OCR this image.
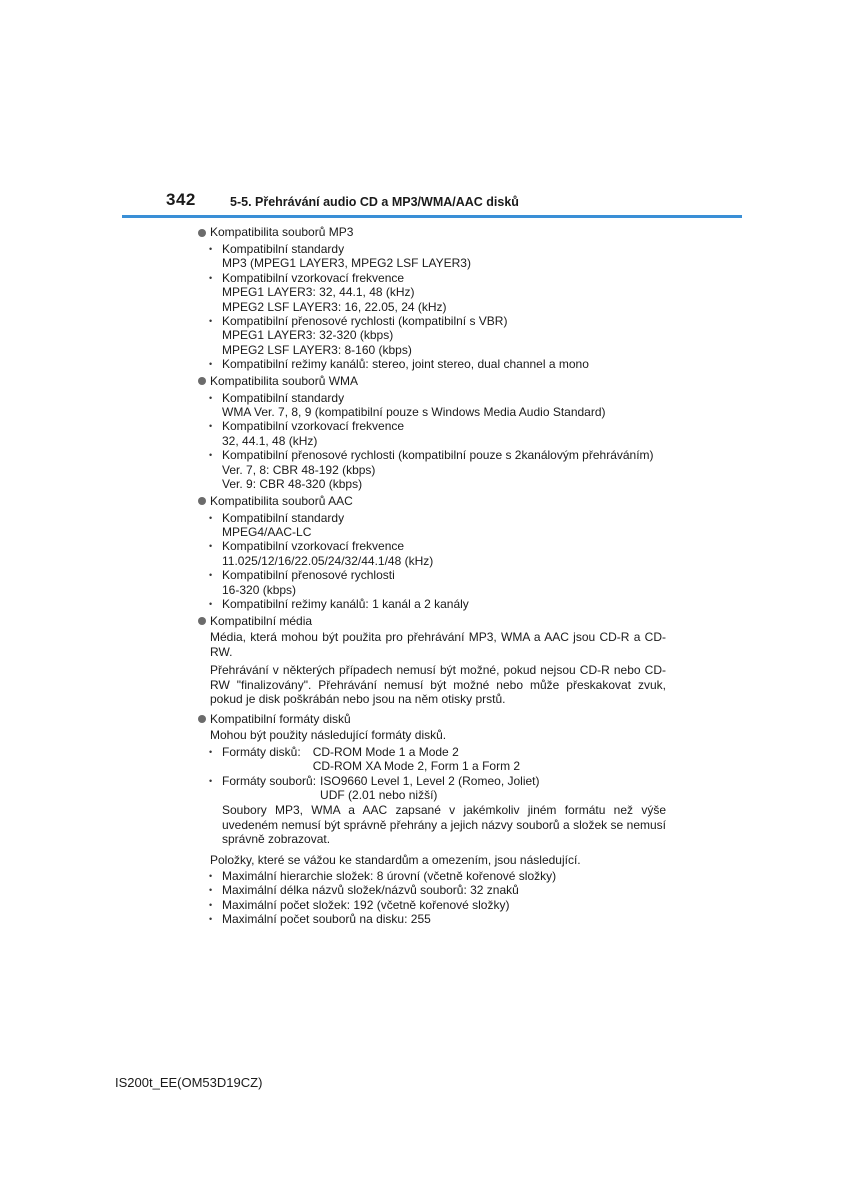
342	5-5. Přehrávání audio CD a MP3/WMA/AAC disků
Kompatibilita souborů MP3
• Kompatibilní standardy
MP3 (MPEG1 LAYER3, MPEG2 LSF LAYER3)
• Kompatibilní vzorkovací frekvence
MPEG1 LAYER3: 32, 44.1, 48 (kHz)
MPEG2 LSF LAYER3: 16, 22.05, 24 (kHz)
• Kompatibilní přenosové rychlosti (kompatibilní s VBR)
MPEG1 LAYER3: 32-320 (kbps)
MPEG2 LSF LAYER3: 8-160 (kbps)
• Kompatibilní režimy kanálů: stereo, joint stereo, dual channel a mono
Kompatibilita souborů WMA
• Kompatibilní standardy
WMA Ver. 7, 8, 9 (kompatibilní pouze s Windows Media Audio Standard)
• Kompatibilní vzorkovací frekvence
32, 44.1, 48 (kHz)
• Kompatibilní přenosové rychlosti (kompatibilní pouze s 2kanálovým přehráváním)
Ver. 7, 8: CBR 48-192 (kbps)
Ver. 9: CBR 48-320 (kbps)
Kompatibilita souborů AAC
• Kompatibilní standardy
MPEG4/AAC-LC
• Kompatibilní vzorkovací frekvence
11.025/12/16/22.05/24/32/44.1/48 (kHz)
• Kompatibilní přenosové rychlosti
16-320 (kbps)
• Kompatibilní režimy kanálů: 1 kanál a 2 kanály
Kompatibilní média

Média, která mohou být použita pro přehrávání MP3, WMA a AAC jsou CD-R a CD-RW.

Přehrávání v některých případech nemusí být možné, pokud nejsou CD-R nebo CD-RW "finalizovány". Přehrávání nemusí být možné nebo může přeskakovat zvuk, pokud je disk poškrábán nebo jsou na něm otisky prstů.

Kompatibilní formáty disků

Mohou být použity následující formáty disků.

• Formáty disků: CD-ROM Mode 1 a Mode 2
CD-ROM XA Mode 2, Form 1 a Form 2
• Formáty souborů: ISO9660 Level 1, Level 2 (Romeo, Joliet)
UDF (2.01 nebo nižší)

Soubory MP3, WMA a AAC zapsané v jakémkoliv jiném formátu než výše uvedeném nemusí být správně přehrány a jejich názvy souborů a složek se nemusí správně zobrazovat.

Položky, které se vážou ke standardům a omezením, jsou následující.

• Maximální hierarchie složek: 8 úrovní (včetně kořenové složky)
• Maximální délka názvů složek/názvů souborů: 32 znaků
• Maximální počet složek: 192 (včetně kořenové složky)
• Maximální počet souborů na disku: 255
IS200t_EE(OM53D19CZ)
